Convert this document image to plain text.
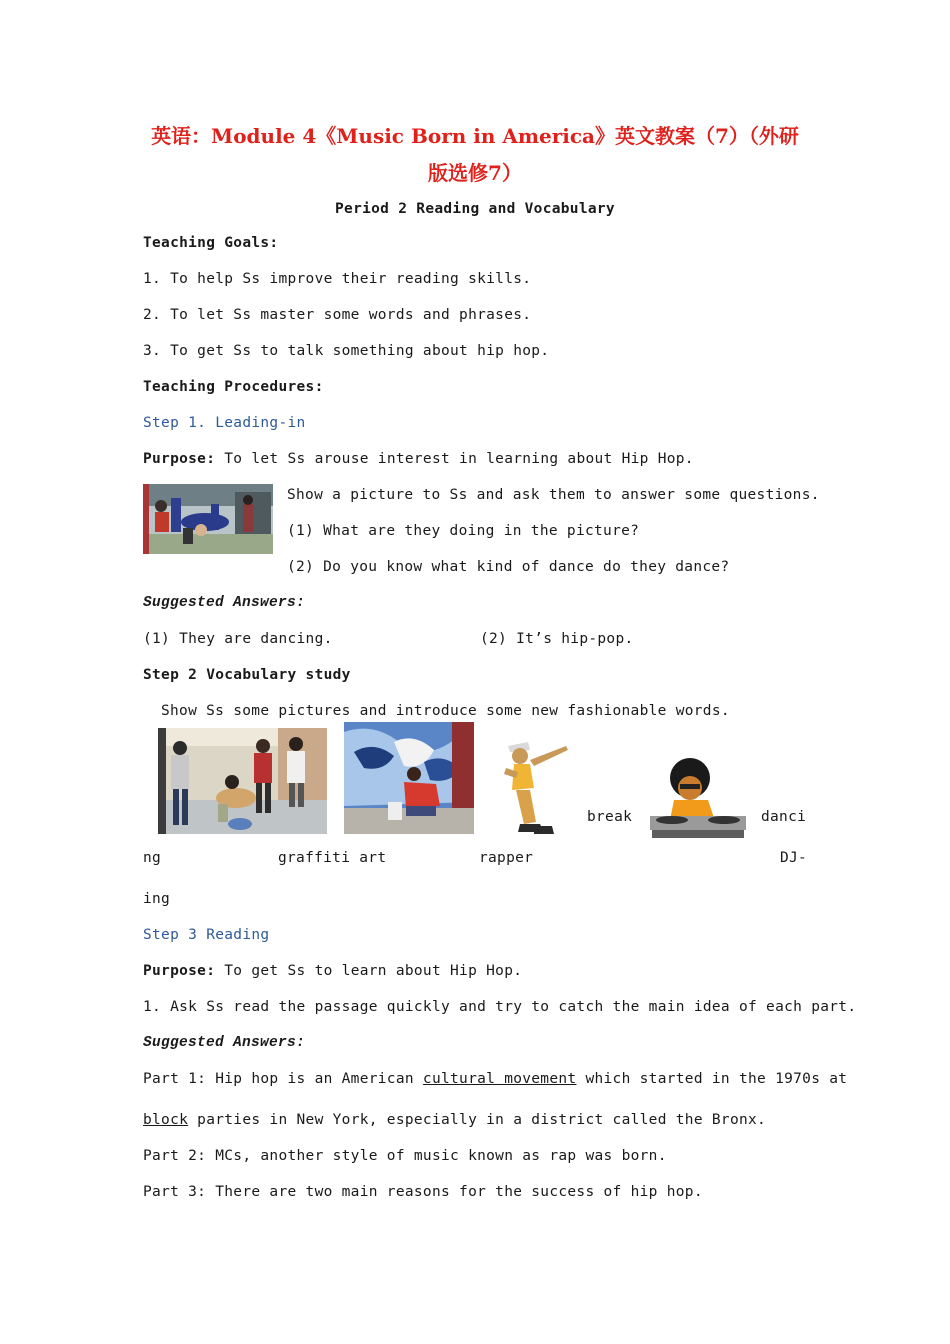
英语：Module 4《Music Born in America》英文教案（7）（外研
版选修7）
Period 2 Reading and Vocabulary
Teaching Goals:
1. To help Ss improve their reading skills.
2. To let Ss master some words and phrases.
3. To get Ss to talk something about hip hop.
Teaching Procedures:
Step 1. Leading-in
Purpose: To let Ss arouse interest in learning about Hip Hop.
Show a picture to Ss and ask them to answer some questions.
(1) What are they doing in the picture?
(2) Do you know what kind of dance do they dance?
Suggested Answers:
(1) They are dancing.	(2) It’s hip-pop.
Step 2 Vocabulary study
Show Ss some pictures and introduce some new fashionable words.
break	danci
ng	graffiti art	rapper	DJ-
ing
Step 3 Reading
Purpose: To get Ss to learn about Hip Hop.
1. Ask Ss read the passage quickly and try to catch the main idea of each part.
Suggested Answers:
Part 1: Hip hop is an American cultural movement which started in the 1970s at
block parties in New York, especially in a district called the Bronx.
Part 2: MCs, another style of music known as rap was born.
Part 3: There are two main reasons for the success of hip hop.
